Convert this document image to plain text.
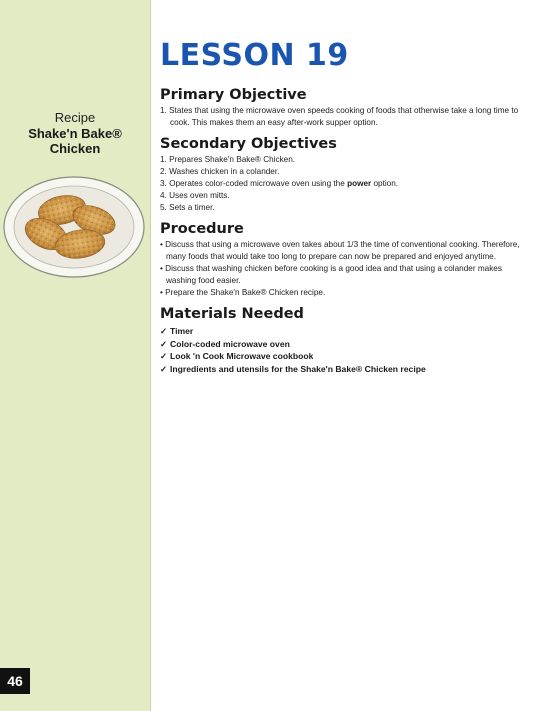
Recipe
Shake'n Bake®
Chicken
46
LESSON 19
Primary Objective
1. States that using the microwave oven speeds cooking of foods that otherwise take a long time to cook. This makes them an easy after-work supper option.
Secondary Objectives
1. Prepares Shake'n Bake® Chicken.
2. Washes chicken in a colander.
3. Operates color-coded microwave oven using the power option.
4. Uses oven mitts.
5. Sets a timer.
Procedure
• Discuss that using a microwave oven takes about 1/3 the time of conventional cooking. Therefore, many foods that would take too long to prepare can now be prepared and enjoyed anytime.
• Discuss that washing chicken before cooking is a good idea and that using a colander makes washing food easier.
• Prepare the Shake'n Bake® Chicken recipe.
Materials Needed
✓ Timer
✓ Color-coded microwave oven
✓ Look 'n Cook Microwave cookbook
✓ Ingredients and utensils for the Shake'n Bake® Chicken recipe
